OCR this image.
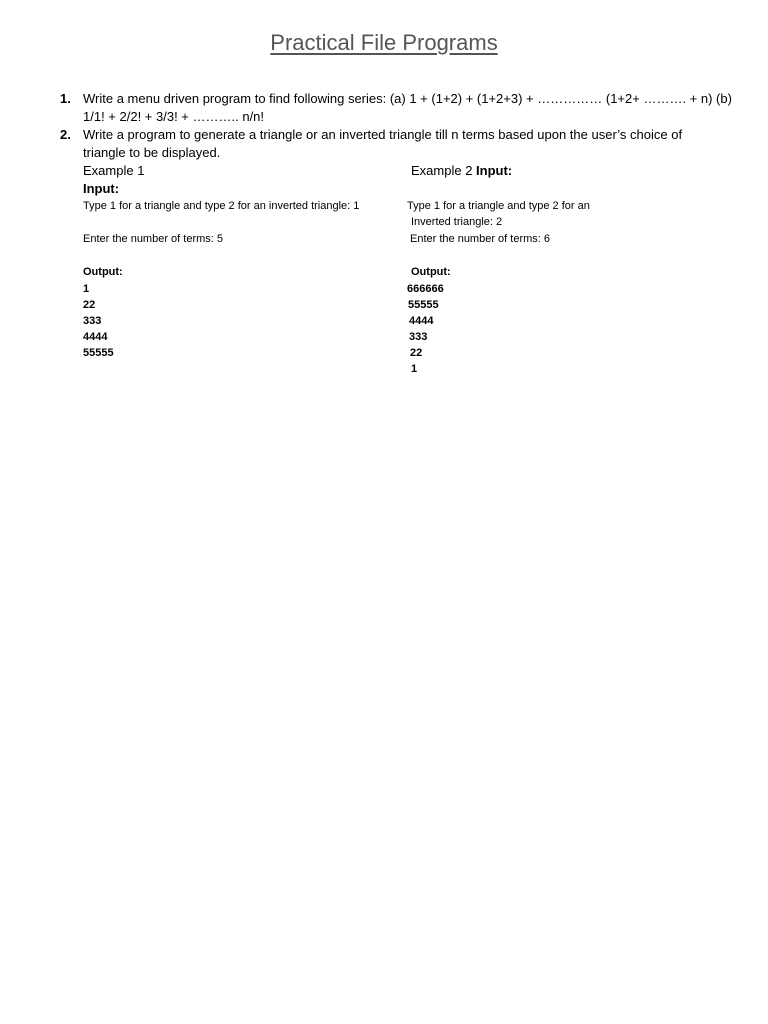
Practical File Programs
1. Write a menu driven program to find following series: (a) 1 + (1+2) + (1+2+3) + …………… (1+2+ ………. + n) (b)
1/1! + 2/2! + 3/3! + ……….. n/n!
2. Write a program to generate a triangle or an inverted triangle till n terms based upon the user’s choice of
triangle to be displayed.
Example 1
Input:
Type 1 for a triangle and type 2 for an inverted triangle: 1
Enter the number of terms: 5
Output:
1
22
333
4444
55555
Example 2 Input:
Type 1 for a triangle and type 2 for an
Inverted triangle: 2
Enter the number of terms: 6
Output:
666666
55555
4444
333
22
1
